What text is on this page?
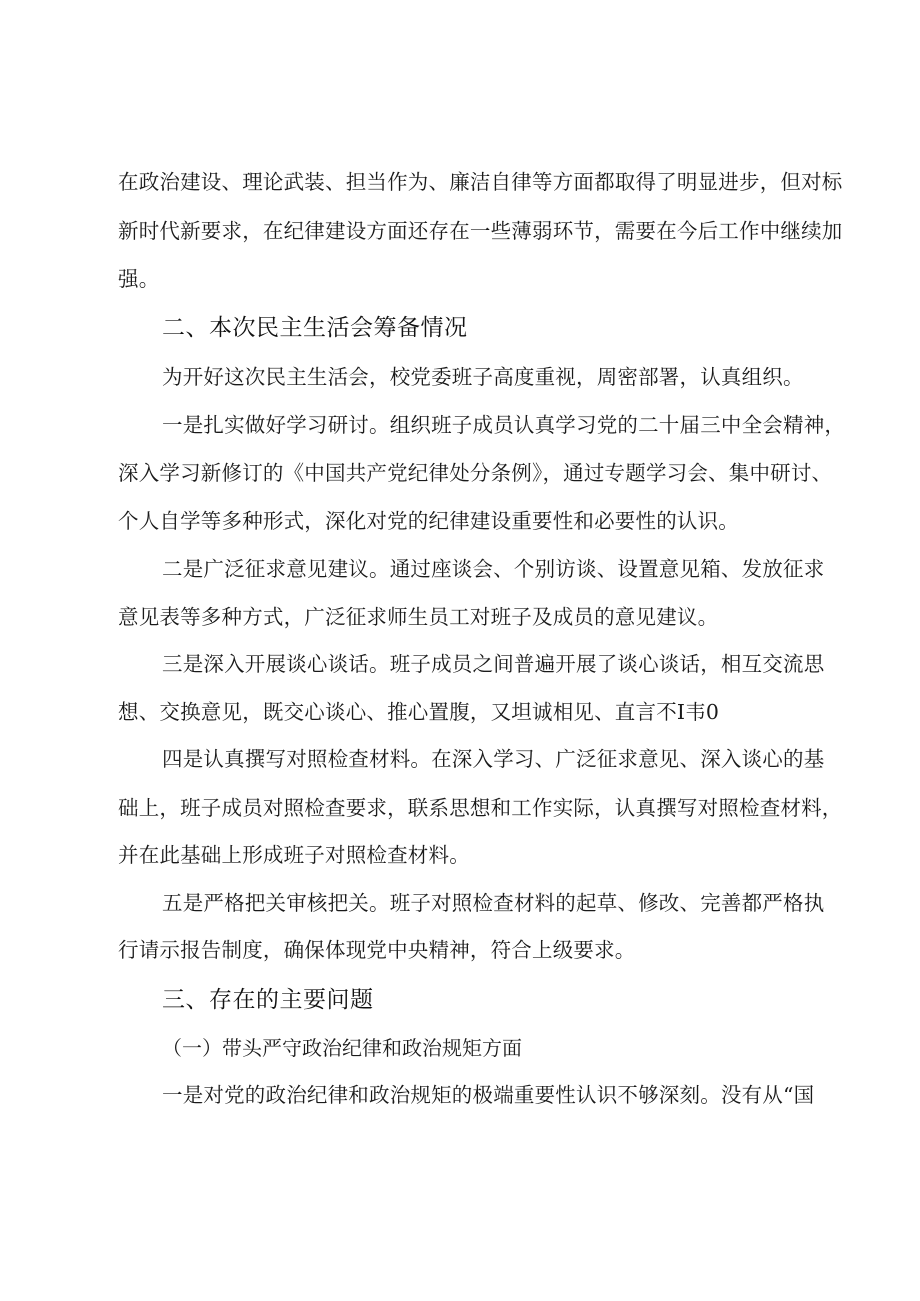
在政治建设、理论武装、担当作为、廉洁自律等方面都取得了明显进步，但对标
新时代新要求，在纪律建设方面还存在一些薄弱环节，需要在今后工作中继续加
强。
二、本次民主生活会筹备情况
为开好这次民主生活会，校党委班子高度重视，周密部署，认真组织。
一是扎实做好学习研讨。组织班子成员认真学习党的二十届三中全会精神，
深入学习新修订的《中国共产党纪律处分条例》，通过专题学习会、集中研讨、
个人自学等多种形式，深化对党的纪律建设重要性和必要性的认识。
二是广泛征求意见建议。通过座谈会、个别访谈、设置意见箱、发放征求
意见表等多种方式，广泛征求师生员工对班子及成员的意见建议。
三是深入开展谈心谈话。班子成员之间普遍开展了谈心谈话，相互交流思
想、交换意见，既交心谈心、推心置腹，又坦诚相见、直言不I韦0
四是认真撰写对照检查材料。在深入学习、广泛征求意见、深入谈心的基
础上，班子成员对照检查要求，联系思想和工作实际，认真撰写对照检查材料，
并在此基础上形成班子对照检查材料。
五是严格把关审核把关。班子对照检查材料的起草、修改、完善都严格执
行请示报告制度，确保体现党中央精神，符合上级要求。
三、存在的主要问题
（一）带头严守政治纪律和政治规矩方面
一是对党的政治纪律和政治规矩的极端重要性认识不够深刻。没有从“国
